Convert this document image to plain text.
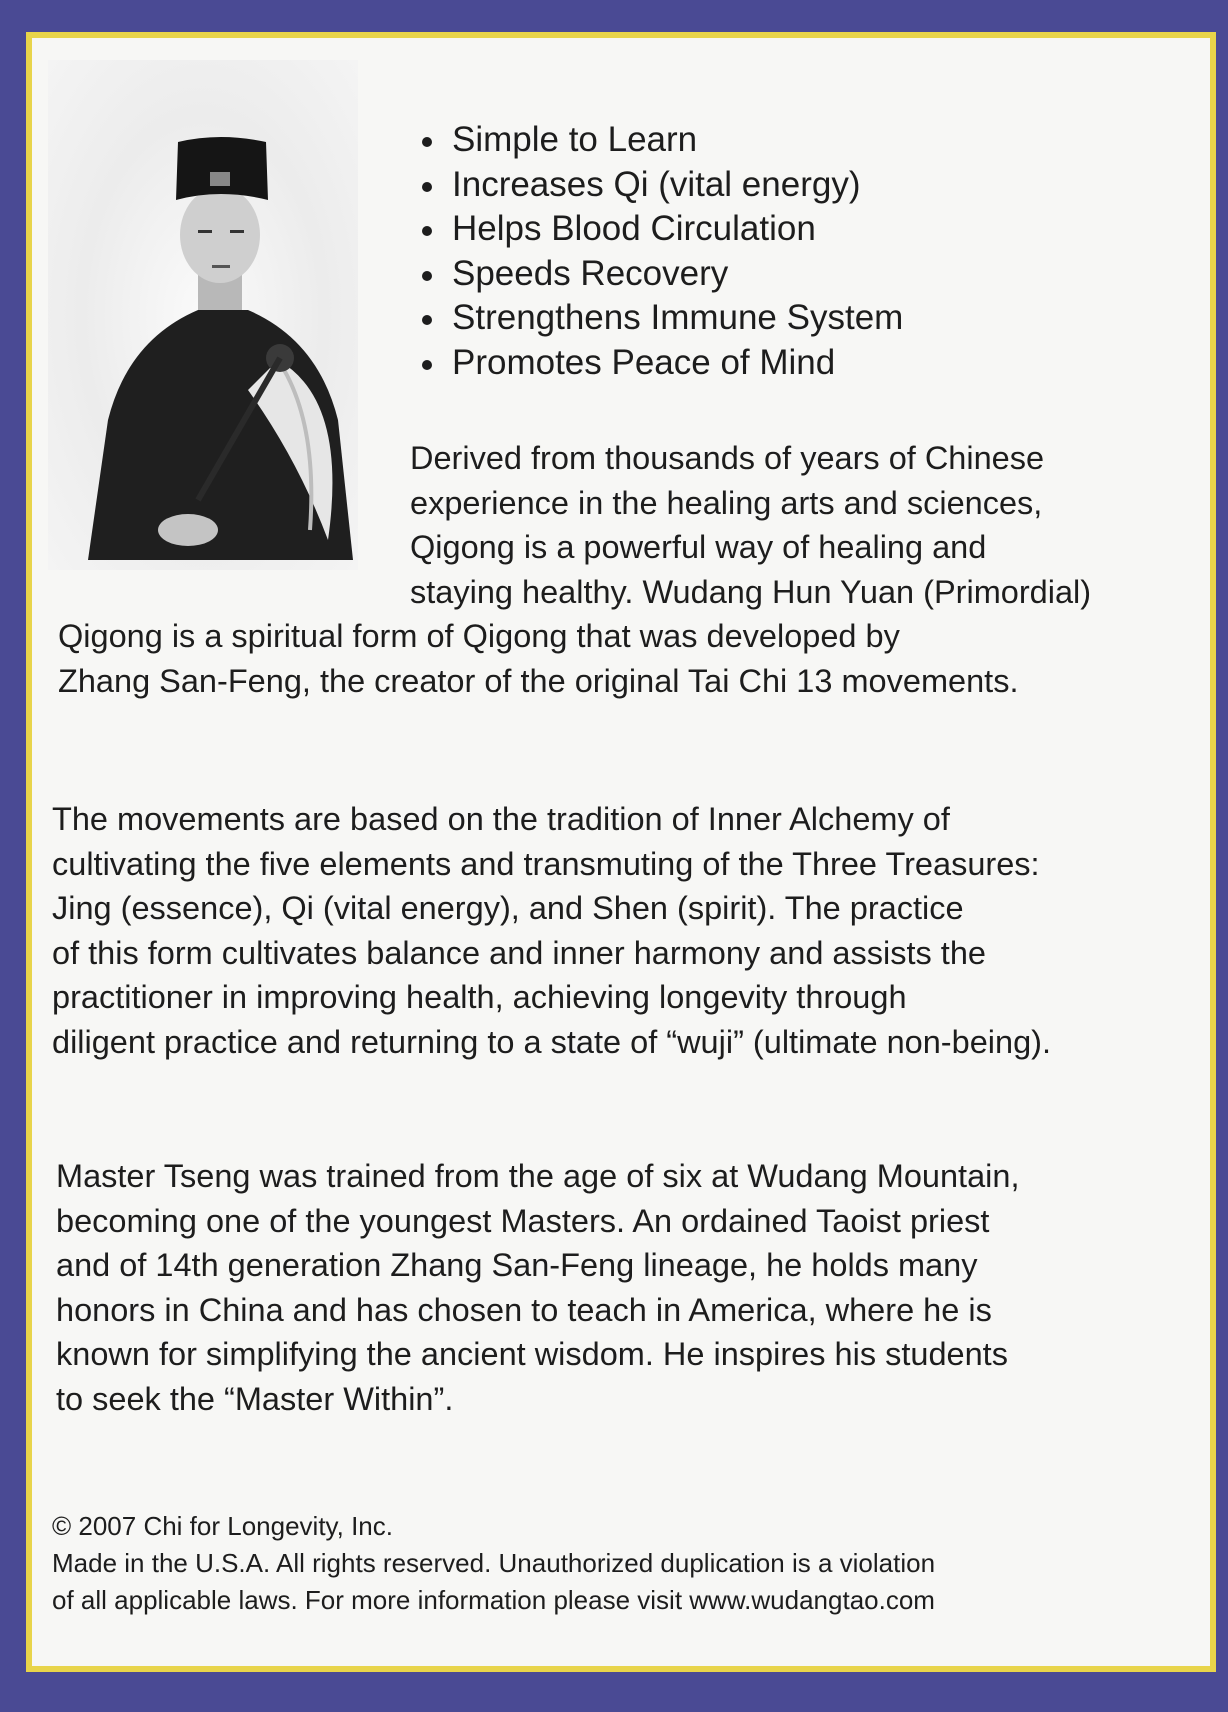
Simple to Learn
Increases Qi (vital energy)
Helps Blood Circulation
Speeds Recovery
Strengthens Immune System
Promotes Peace of Mind
Derived from thousands of years of Chinese
experience in the healing arts and sciences,
Qigong is a powerful way of healing and
staying healthy. Wudang Hun Yuan (Primordial)
Qigong is a spiritual form of Qigong that was developed by
Zhang San-Feng, the creator of the original Tai Chi 13 movements.
The movements are based on the tradition of Inner Alchemy of
cultivating the five elements and transmuting of the Three Treasures:
Jing (essence), Qi (vital energy), and Shen (spirit). The practice
of this form cultivates balance and inner harmony and assists the
practitioner in improving health, achieving longevity through
diligent practice and returning to a state of “wuji” (ultimate non-being).
Master Tseng was trained from the age of six at Wudang Mountain,
becoming one of the youngest Masters. An ordained Taoist priest
and of 14th generation Zhang San-Feng lineage, he holds many
honors in China and has chosen to teach in America, where he is
known for simplifying the ancient wisdom. He inspires his students
to seek the “Master Within”.
© 2007 Chi for Longevity, Inc.
Made in the U.S.A. All rights reserved. Unauthorized duplication is a violation
of all applicable laws. For more information please visit www.wudangtao.com
